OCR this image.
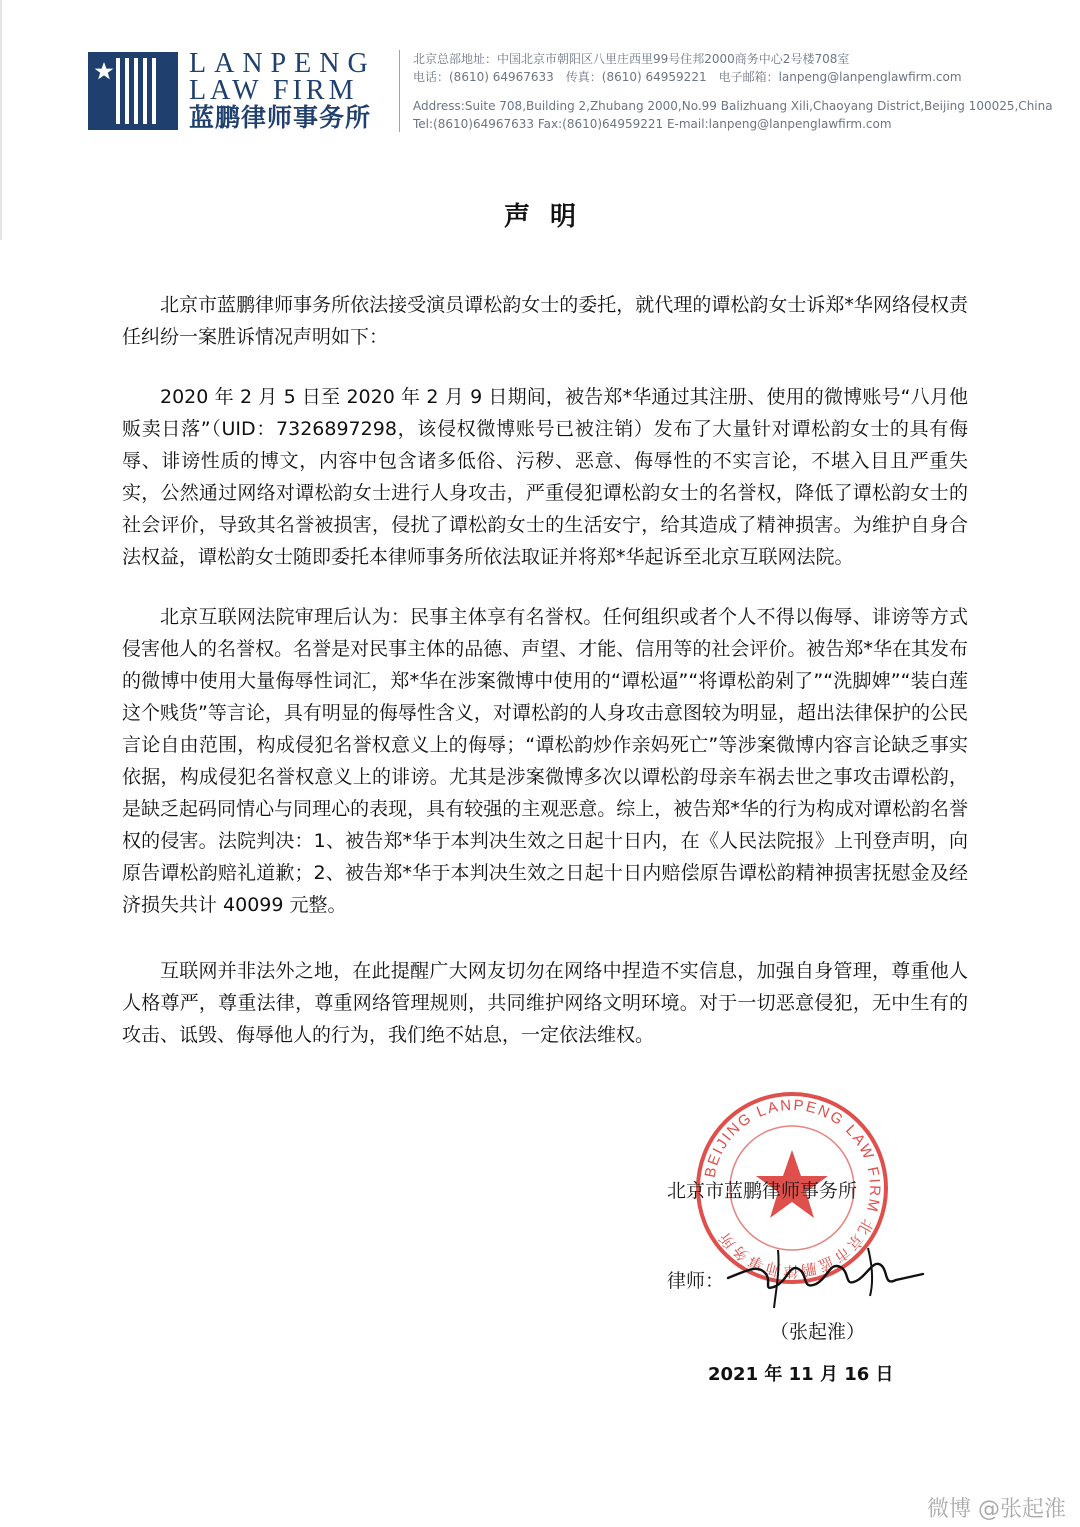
LANPENG
LAW FIRM
蓝鹏律师事务所
北京总部地址：中国北京市朝阳区八里庄西里99号住邦2000商务中心2号楼708室
电话：(8610) 64967633　传真：(8610) 64959221　电子邮箱：lanpeng@lanpenglawfirm.com
Address:Suite 708,Building 2,Zhubang 2000,No.99 Balizhuang Xili,Chaoyang District,Beijing 100025,China
Tel:(8610)64967633 Fax:(8610)64959221 E-mail:lanpeng@lanpenglawfirm.com
声明

北京市蓝鹏律师事务所依法接受演员谭松韵女士的委托，就代理的谭松韵女士诉郑*华网络侵权责任纠纷一案胜诉情况声明如下：

2020 年 2 月 5 日至 2020 年 2 月 9 日期间，被告郑*华通过其注册、使用的微博账号“八月他贩卖日落”（UID：7326897298，该侵权微博账号已被注销）发布了大量针对谭松韵女士的具有侮辱、诽谤性质的博文，内容中包含诸多低俗、污秽、恶意、侮辱性的不实言论，不堪入目且严重失实，公然通过网络对谭松韵女士进行人身攻击，严重侵犯谭松韵女士的名誉权，降低了谭松韵女士的社会评价，导致其名誉被损害，侵扰了谭松韵女士的生活安宁，给其造成了精神损害。为维护自身合法权益，谭松韵女士随即委托本律师事务所依法取证并将郑*华起诉至北京互联网法院。

北京互联网法院审理后认为：民事主体享有名誉权。任何组织或者个人不得以侮辱、诽谤等方式侵害他人的名誉权。名誉是对民事主体的品德、声望、才能、信用等的社会评价。被告郑*华在其发布的微博中使用大量侮辱性词汇，郑*华在涉案微博中使用的“谭松逼”“将谭松韵剁了”“洗脚婢”“装白莲这个贱货”等言论，具有明显的侮辱性含义，对谭松韵的人身攻击意图较为明显，超出法律保护的公民言论自由范围，构成侵犯名誉权意义上的侮辱；“谭松韵炒作亲妈死亡”等涉案微博内容言论缺乏事实依据，构成侵犯名誉权意义上的诽谤。尤其是涉案微博多次以谭松韵母亲车祸去世之事攻击谭松韵，是缺乏起码同情心与同理心的表现，具有较强的主观恶意。综上，被告郑*华的行为构成对谭松韵名誉权的侵害。法院判决：1、被告郑*华于本判决生效之日起十日内，在《人民法院报》上刊登声明，向原告谭松韵赔礼道歉；2、被告郑*华于本判决生效之日起十日内赔偿原告谭松韵精神损害抚慰金及经济损失共计 40099 元整。

互联网并非法外之地，在此提醒广大网友切勿在网络中捏造不实信息，加强自身管理，尊重他人人格尊严，尊重法律，尊重网络管理规则，共同维护网络文明环境。对于一切恶意侵犯，无中生有的攻击、诋毁、侮辱他人的行为，我们绝不姑息，一定依法维权。

BEIJING LANPENG LAW FIRM 北京市蓝鹏律师事务所
北京市蓝鹏律师事务所
律师：
（张起淮）
2021 年 11 月 16 日
微博 @张起淮
